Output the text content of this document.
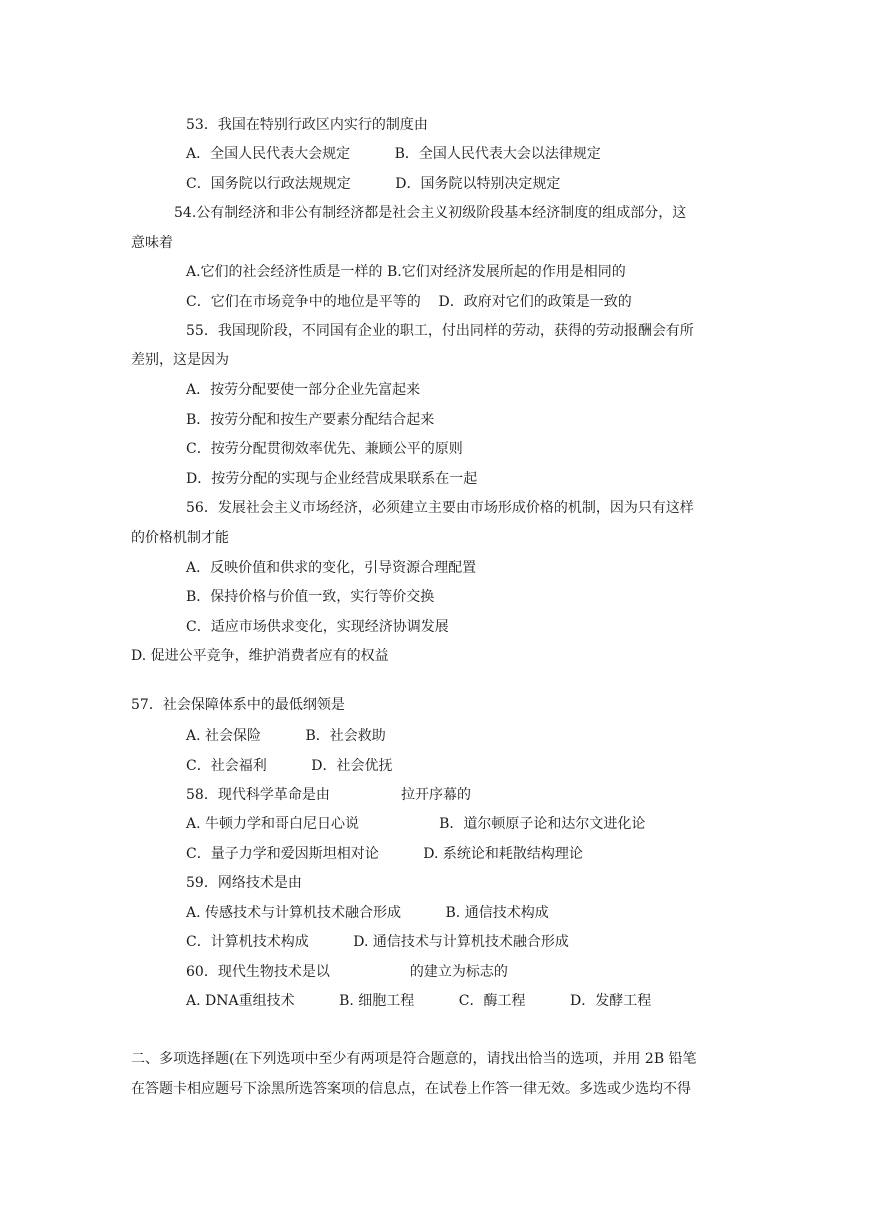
53．我国在特别行政区内实行的制度由
A．全国人民代表大会规定          B．全国人民代表大会以法律规定
C．国务院以行政法规规定          D．国务院以特别决定规定
54.公有制经济和非公有制经济都是社会主义初级阶段基本经济制度的组成部分，这
意味着
A.它们的社会经济性质是一样的 B.它们对经济发展所起的作用是相同的
C．它们在市场竞争中的地位是平等的    D．政府对它们的政策是一致的
55．我国现阶段，不同国有企业的职工，付出同样的劳动，获得的劳动报酬会有所
差别，这是因为
A．按劳分配要使一部分企业先富起来
B．按劳分配和按生产要素分配结合起来
C．按劳分配贯彻效率优先、兼顾公平的原则
D．按劳分配的实现与企业经营成果联系在一起
56．发展社会主义市场经济，必须建立主要由市场形成价格的机制，因为只有这样
的价格机制才能
A．反映价值和供求的变化，引导资源合理配置
B．保持价格与价值一致，实行等价交换
C．适应市场供求变化，实现经济协调发展
D. 促进公平竞争，维护消费者应有的权益
57．社会保障体系中的最低纲领是
A. 社会保险          B．社会救助
C．社会福利          D．社会优抚
58．现代科学革命是由                拉开序幕的
A. 牛顿力学和哥白尼日心说                  B．道尔顿原子论和达尔文进化论
C．量子力学和爱因斯坦相对论          D. 系统论和耗散结构理论
59．网络技术是由
A. 传感技术与计算机技术融合形成          B. 通信技术构成
C．计算机技术构成          D. 通信技术与计算机技术融合形成
60．现代生物技术是以                  的建立为标志的
A. DNA重组技术          B. 细胞工程          C．酶工程          D．发酵工程
二、多项选择题(在下列选项中至少有两项是符合题意的，请找出恰当的选项，并用 2B 铅笔
在答题卡相应题号下涂黑所选答案项的信息点，在试卷上作答一律无效。多选或少选均不得
